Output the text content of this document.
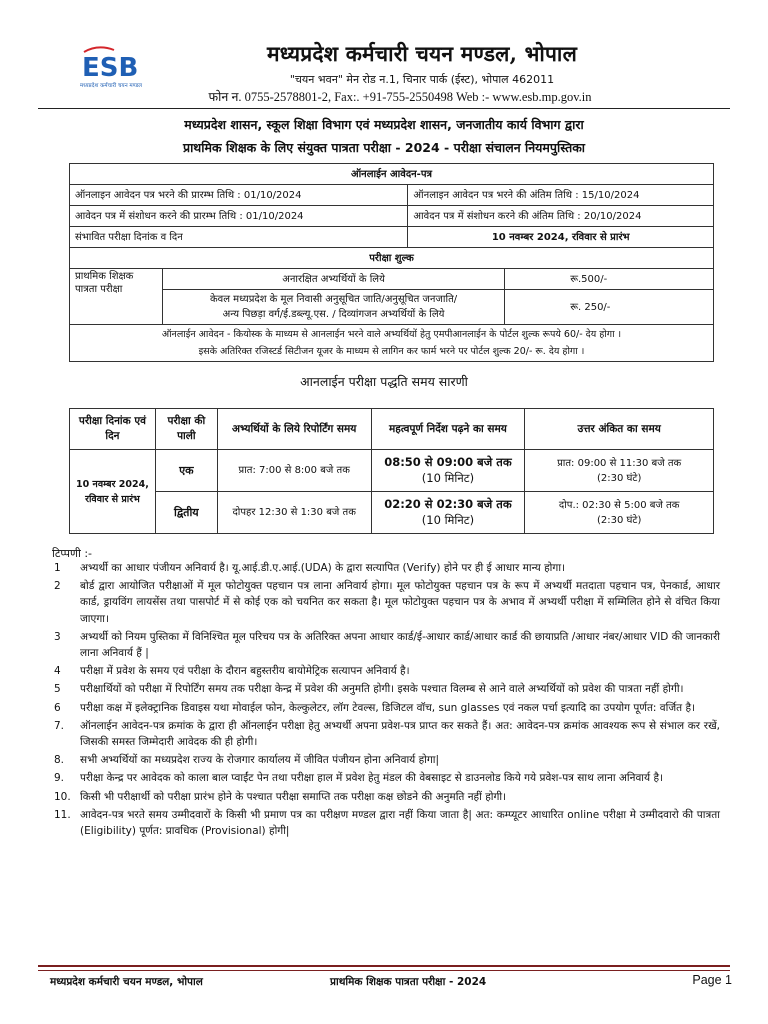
ESB
मध्यप्रदेश कर्मचारी चयन मण्डल
मध्यप्रदेश कर्मचारी चयन मण्डल, भोपाल
"चयन भवन" मेन रोड न.1, चिनार पार्क (ईस्ट), भोपाल 462011
फोन न. 0755-2578801-2, Fax:. +91-755-2550498 Web :- www.esb.mp.gov.in
मध्यप्रदेश शासन, स्कूल शिक्षा विभाग एवं मध्यप्रदेश शासन, जनजातीय कार्य विभाग द्वारा
प्राथमिक शिक्षक के लिए संयुक्त पात्रता परीक्षा - 2024 - परीक्षा संचालन नियमपुस्तिका
ऑनलाईन आवेदन-पत्र			
ऑनलाइन आवेदन पत्र भरने की प्रारम्भ तिथि : 01/10/2024		ऑनलाइन आवेदन पत्र भरने की अंतिम तिथि : 15/10/2024	
आवेदन पत्र में संशोधन करने की प्रारम्भ तिथि : 01/10/2024		आवेदन पत्र में संशोधन करने की अंतिम तिथि : 20/10/2024	
संभावित परीक्षा दिनांक व दिन		10 नवम्बर 2024, रविवार से प्रारंभ	
परीक्षा शुल्क			
प्राथमिक शिक्षक पात्रता परीक्षा	अनारक्षित अभ्यर्थियों के लिये		रू.500/-
	केवल मध्यप्रदेश के मूल निवासी अनुसूचित जाति/अनुसूचित जनजाति/
अन्य पिछड़ा वर्ग/ई.डब्ल्यू.एस. / दिव्यांगजन अभ्यर्थियों के लिये		रू. 250/-
ऑनलाईन आवेदन - कियोस्क के माध्यम से आनलाईन भरने वाले अभ्यर्थियों हेतु एमपीआनलाईन के पोर्टल शुल्क रूपये 60/- देय होगा ।
इसके अतिरिक्त रजिस्टर्ड सिटीजन यूजर के माध्यम से लागिन कर फार्म भरने पर पोर्टल शुल्क 20/- रू. देय होगा ।			
आनलाईन परीक्षा पद्धति समय सारणी
परीक्षा दिनांक एवं दिन	परीक्षा की पाली	अभ्यर्थियों के लिये रिपोर्टिंग समय	महत्वपूर्ण निर्देश पढ़ने का समय	उत्तर अंकित का समय
10 नवम्बर 2024, रविवार से प्रारंभ	एक	प्रात: 7:00 से 8:00 बजे तक	08:50 से 09:00 बजे तक
(10 मिनिट)	प्रात: 09:00 से 11:30 बजे तक
(2:30 घंटे)
	द्वितीय	दोपहर 12:30 से 1:30 बजे तक	02:20 से 02:30 बजे तक
(10 मिनिट)	दोप.: 02:30 से 5:00 बजे तक
(2:30 घंटे)
टिप्पणी :-
1	अभ्यर्थी का आधार पंजीयन अनिवार्य है। यू.आई.डी.ए.आई.(UDA) के द्वारा सत्यापित (Verify) होने पर ही ई आधार मान्य होगा।
2	बोर्ड द्वारा आयोजित परीक्षाओं में मूल फोटोयुक्त पहचान पत्र लाना अनिवार्य होगा। मूल फोटोयुक्त पहचान पत्र के रूप में अभ्यर्थी मतदाता पहचान पत्र, पेनकार्ड, आधार कार्ड, ड्रायविंग लायसेंस तथा पासपोर्ट में से कोई एक को चयनित कर सकता है। मूल फोटोयुक्त पहचान पत्र के अभाव में अभ्यर्थी परीक्षा में सम्मिलित होने से वंचित किया जाएगा।
3	अभ्यर्थी को नियम पुस्तिका में विनिश्चित मूल परिचय पत्र के अतिरिक्त अपना आधार कार्ड/ई-आधार कार्ड/आधार कार्ड की छायाप्रति /आधार नंबर/आधार VID की जानकारी लाना अनिवार्य हैं |
4	परीक्षा में प्रवेश के समय एवं परीक्षा के दौरान बहुस्तरीय बायोमेट्रिक सत्यापन अनिवार्य है।
5	परीक्षार्थियों को परीक्षा में रिपोर्टिंग समय तक परीक्षा केन्द्र में प्रवेश की अनुमति होगी। इसके पश्चात विलम्ब से आने वाले अभ्यर्थियों को प्रवेश की पात्रता नहीं होगी।
6	परीक्षा कक्ष में इलेक्ट्रानिक डिवाइस यथा मोवाईल फोन, केल्कुलेटर, लॉग टेवल्स, डिजिटल वॉच, sun glasses एवं नकल पर्चा इत्यादि का उपयोग पूर्णत: वर्जित है।
7.	ऑनलाईन आवेदन-पत्र क्रमांक के द्वारा ही ऑनलाईन परीक्षा हेतु अभ्यर्थी अपना प्रवेश-पत्र प्राप्त कर सकते हैं। अत: आवेदन-पत्र क्रमांक आवश्यक रूप से संभाल कर रखें, जिसकी समस्त जिम्मेदारी आवेदक की ही होगी।
8.	सभी अभ्यर्थियों का मध्यप्रदेश राज्य के रोजगार कार्यालय में जीवित पंजीयन होना अनिवार्य होगा|
9.	परीक्षा केन्द्र पर आवेदक को काला बाल प्वाईंट पेन तथा परीक्षा हाल में प्रवेश हेतु मंडल की वेबसाइट से डाउनलोड किये गये प्रवेश-पत्र साथ लाना अनिवार्य है।
10. किसी भी परीक्षार्थी को परीक्षा प्रारंभ होने के पश्चात परीक्षा समाप्ति तक परीक्षा कक्ष छोडने की अनुमति नहीं होगी।
11. आवेदन-पत्र भरते समय उम्मीदवारों के किसी भी प्रमाण पत्र का परीक्षण मण्डल द्वारा नहीं किया जाता है| अत: कम्प्यूटर आधारित online परीक्षा मे उम्मीदवारो की पात्रता (Eligibility) पूर्णत: प्रावधिक (Provisional) होगी|
मध्यप्रदेश कर्मचारी चयन मण्डल, भोपाल	प्राथमिक शिक्षक पात्रता परीक्षा - 2024	Page 1
